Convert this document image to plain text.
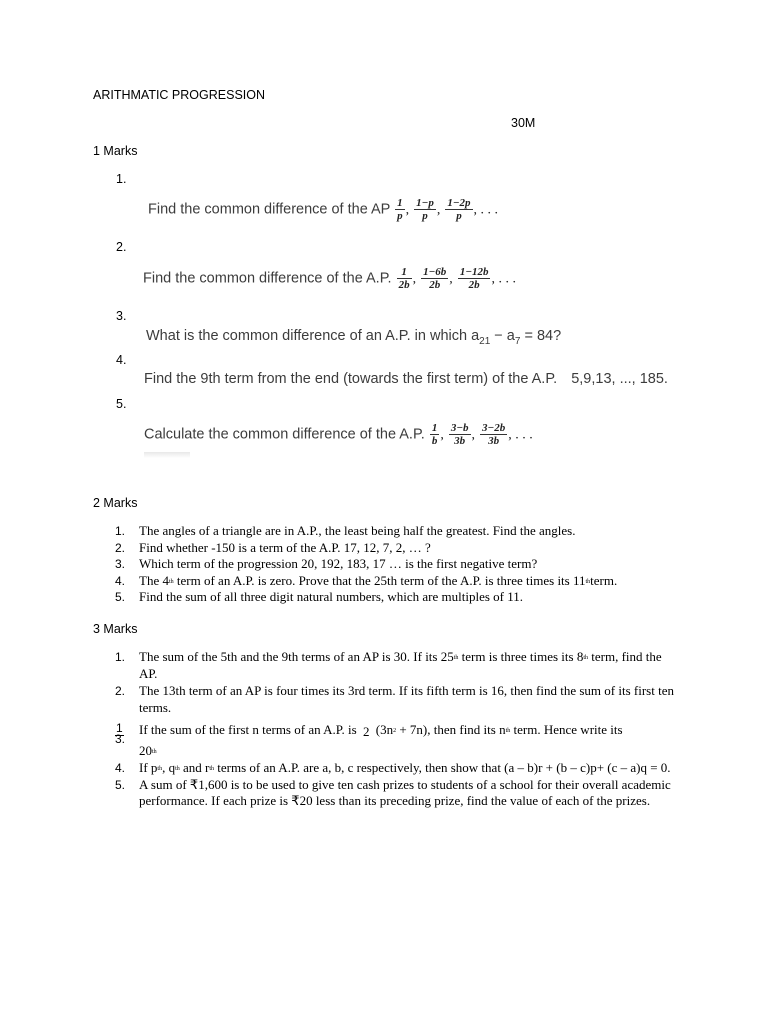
ARITHMATIC PROGRESSION
30M
1 Marks
1.
Find the common difference of the AP $\frac{1}{p}$ , $\frac{1-p}{p}$ , $\frac{1-2p}{p}$ , . . .
2.
Find the common difference of the A.P. $\frac{1}{2b}$ , $\frac{1-6b}{2b}$ , $\frac{1-12b}{2b}$ , . . .
3.
What is the common difference of an A.P. in which $a_{21} - a_7 = 84$?
4.
Find the 9th term from the end (towards the first term) of the A.P. 5,9,13, ..., 185.
5.
Calculate the common difference of the A.P. $\frac{1}{b}$ , $\frac{3-b}{3b}$ , $\frac{3-2b}{3b}$ , . . .
2 Marks
1. The angles of a triangle are in A.P., the least being half the greatest. Find the angles.
2. Find whether -150 is a term of the A.P. 17, 12, 7, 2, … ?
3. Which term of the progression 20, 192, 183, 17 … is the first negative term?
4. The 4th term of an A.P. is zero. Prove that the 25th term of the A.P. is three times its 11thterm.
5. Find the sum of all three digit natural numbers, which are multiples of 11.
3 Marks
1. The sum of the 5th and the 9th terms of an AP is 30. If its 25th term is three times its 8th term, find the AP.
2. The 13th term of an AP is four times its 3rd term. If its fifth term is 16, then find the sum of its first ten terms.
3.
If the sum of the first n terms of an A.P. is
1	2 $(3n^2 + 7n)$, then find its $n^{th}$ term. Hence write its
20th
4. If $p^{th}$, $q^{th}$ and $r^{th}$ terms of an A.P. are a, b, c respectively, then show that (a – b)r + (b – c)p+ (c – a)q = 0.
5. A sum of ₹1,600 is to be used to give ten cash prizes to students of a school for their overall academic performance. If each prize is ₹20 less than its preceding prize, find the value of each of the prizes.
